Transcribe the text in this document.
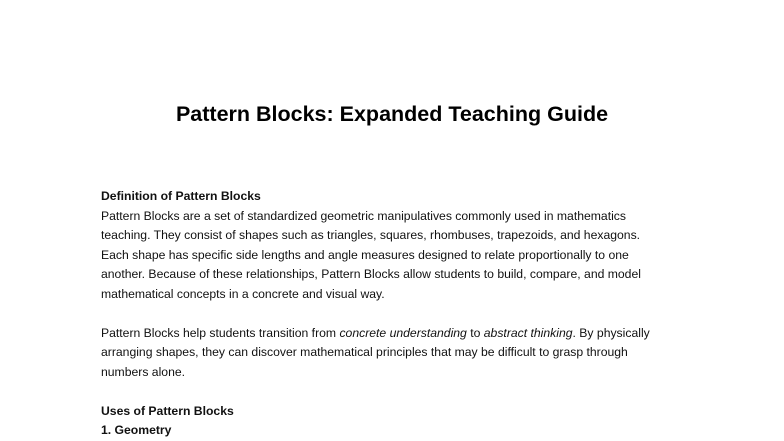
Pattern Blocks: Expanded Teaching Guide
Definition of Pattern Blocks
Pattern Blocks are a set of standardized geometric manipulatives commonly used in mathematics
teaching. They consist of shapes such as triangles, squares, rhombuses, trapezoids, and hexagons.
Each shape has specific side lengths and angle measures designed to relate proportionally to one
another. Because of these relationships, Pattern Blocks allow students to build, compare, and model
mathematical concepts in a concrete and visual way.
Pattern Blocks help students transition from concrete understanding to abstract thinking. By physically
arranging shapes, they can discover mathematical principles that may be difficult to grasp through
numbers alone.
Uses of Pattern Blocks
1. Geometry
